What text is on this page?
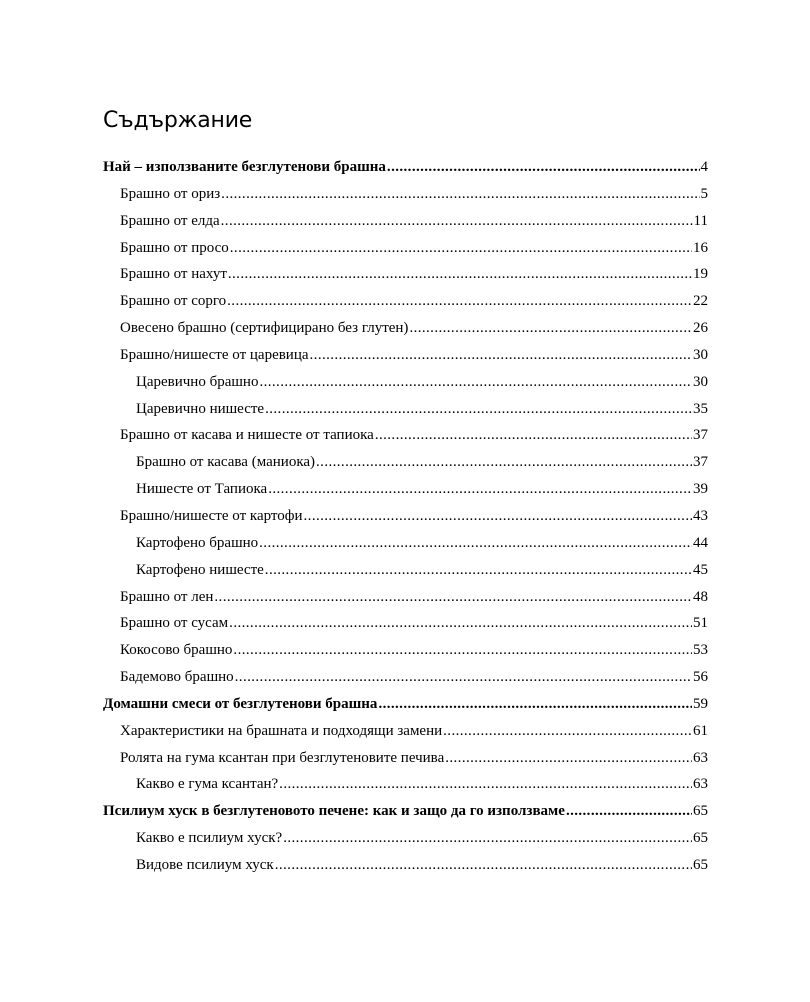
Съдържание
Най – използваните безглутенови брашна .....	4
Брашно от ориз .....	5
Брашно от елда .....	11
Брашно от просо .....	16
Брашно от нахут .....	19
Брашно от сорго .....	22
Овесено брашно (сертифицирано без глутен) .....	26
Брашно/нишесте от царевица .....	30
Царевично брашно .....	30
Царевично нишесте .....	35
Брашно от касава и нишесте от тапиока .....	37
Брашно от касава (маниока) .....	37
Нишесте от Тапиока .....	39
Брашно/нишесте от картофи .....	43
Картофено брашно .....	44
Картофено нишесте .....	45
Брашно от лен .....	48
Брашно от сусам .....	51
Кокосово брашно .....	53
Бадемово брашно .....	56
Домашни смеси от безглутенови брашна .....	59
Характеристики на брашната и подходящи замени .....	61
Ролята на гума ксантан при безглутеновите печива .....	63
Какво е гума ксантан? .....	63
Псилиум хуск в безглутеновото печене: как и защо да го използваме .....	65
Какво е псилиум хуск? .....	65
Видове псилиум хуск .....	65
